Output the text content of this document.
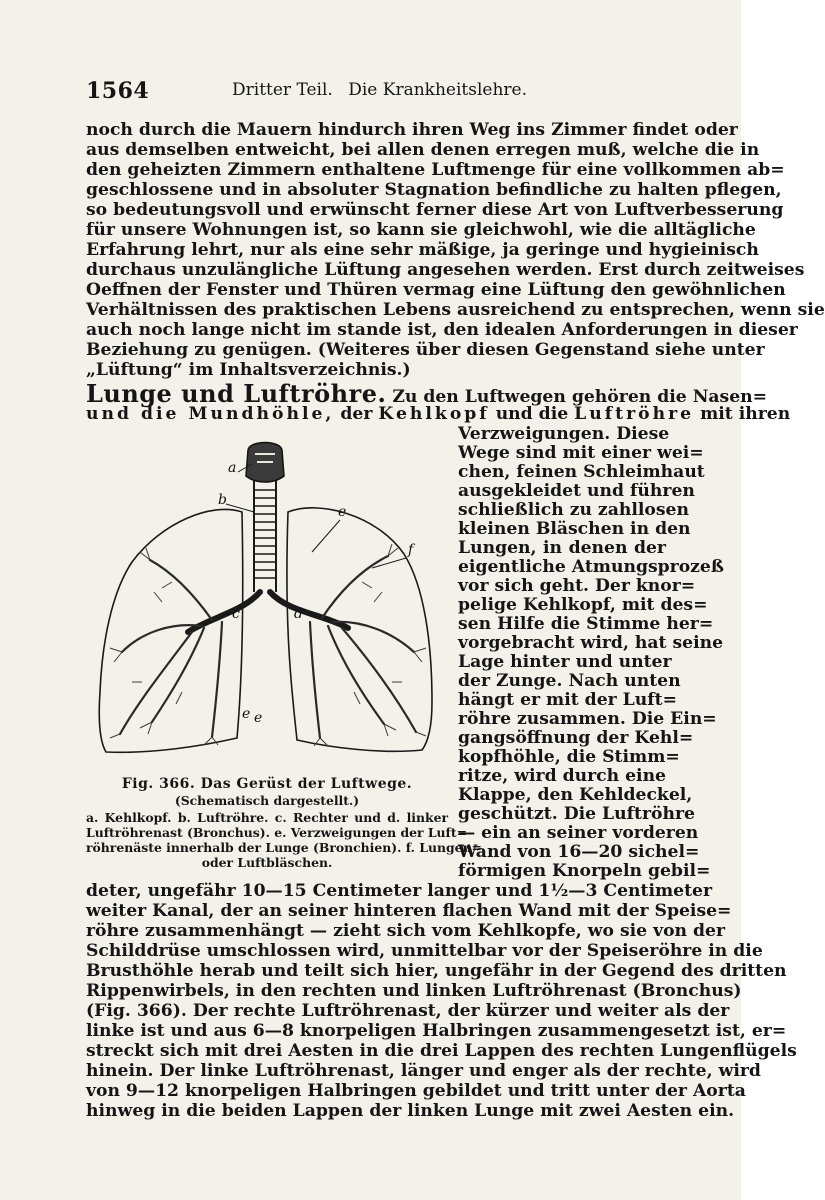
1564	Dritter Teil. Die Krankheitslehre.
noch durch die Mauern hindurch ihren Weg ins Zimmer findet oder
aus demselben entweicht, bei allen denen erregen muß, welche die in
den geheizten Zimmern enthaltene Luftmenge für eine vollkommen ab=
geschlossene und in absoluter Stagnation befindliche zu halten pflegen,
so bedeutungsvoll und erwünscht ferner diese Art von Luftverbesserung
für unsere Wohnungen ist, so kann sie gleichwohl, wie die alltägliche
Erfahrung lehrt, nur als eine sehr mäßige, ja geringe und hygieinisch
durchaus unzulängliche Lüftung angesehen werden. Erst durch zeitweises
Oeffnen der Fenster und Thüren vermag eine Lüftung den gewöhnlichen
Verhältnissen des praktischen Lebens ausreichend zu entsprechen, wenn sie
auch noch lange nicht im stande ist, den idealen Anforderungen in dieser
Beziehung zu genügen. (Weiteres über diesen Gegenstand siehe unter
„Lüftung“ im Inhaltsverzeichnis.)
Lunge und Luftröhre. Zu den Luftwegen gehören die Nasen=
und die Mundhöhle, der Kehlkopf und die Luftröhre mit ihren
Verzweigungen. Diese
Wege sind mit einer wei=
chen, feinen Schleimhaut
ausgekleidet und führen
schließlich zu zahllosen
kleinen Bläschen in den
Lungen, in denen der
eigentliche Atmungsprozeß
vor sich geht. Der knor=
pelige Kehlkopf, mit des=
sen Hilfe die Stimme her=
vorgebracht wird, hat seine
Lage hinter und unter
der Zunge. Nach unten
hängt er mit der Luft=
röhre zusammen. Die Ein=
gangsöffnung der Kehl=
kopfhöhle, die Stimm=
ritze, wird durch eine
Klappe, den Kehldeckel,
geschützt. Die Luftröhre
— ein an seiner vorderen
Wand von 16—20 sichel=
förmigen Knorpeln gebil=
a
b
c	d
e
e e
f
Fig. 366. Das Gerüst der Luftwege.
(Schematisch dargestellt.)
a. Kehlkopf. b. Luftröhre. c. Rechter und d. linker
Luftröhrenast (Bronchus). e. Verzweigungen der Luft=
röhrenäste innerhalb der Lunge (Bronchien). f. Lungen=
oder Luftbläschen.
deter, ungefähr 10—15 Centimeter langer und 1½—3 Centimeter
weiter Kanal, der an seiner hinteren flachen Wand mit der Speise=
röhre zusammenhängt — zieht sich vom Kehlkopfe, wo sie von der
Schilddrüse umschlossen wird, unmittelbar vor der Speiseröhre in die
Brusthöhle herab und teilt sich hier, ungefähr in der Gegend des dritten
Rippenwirbels, in den rechten und linken Luftröhrenast (Bronchus)
(Fig. 366). Der rechte Luftröhrenast, der kürzer und weiter als der
linke ist und aus 6—8 knorpeligen Halbringen zusammengesetzt ist, er=
streckt sich mit drei Aesten in die drei Lappen des rechten Lungenflügels
hinein. Der linke Luftröhrenast, länger und enger als der rechte, wird
von 9—12 knorpeligen Halbringen gebildet und tritt unter der Aorta
hinweg in die beiden Lappen der linken Lunge mit zwei Aesten ein.
